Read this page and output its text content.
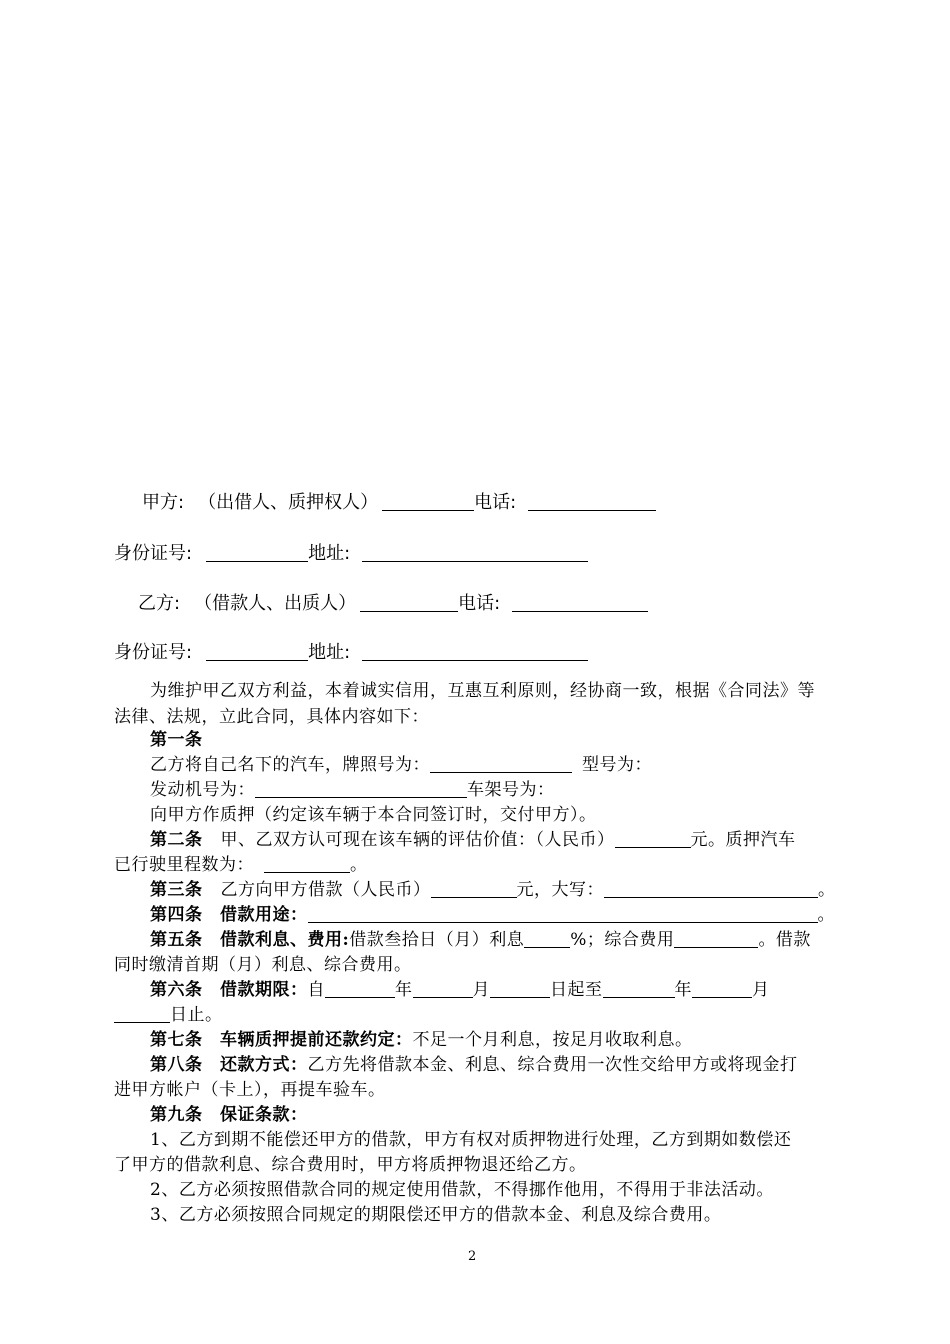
甲方: （出借人、质押权人）	电话:
身份证号:	地址:
乙方: （借款人、出质人）	电话:
身份证号:	地址:
为维护甲乙双方利益，本着诚实信用，互惠互利原则，经协商一致，根据《合同法》等
法律、法规，立此合同，具体内容如下：
第一条
乙方将自己名下的汽车，牌照号为：	型号为：
发动机号为：	车架号为：
向甲方作质押（约定该车辆于本合同签订时，交付甲方）。
第二条 甲、乙双方认可现在该车辆的评估价值：（人民币）	元。质押汽车
已行驶里程数为：	。
第三条 乙方向甲方借款（人民币）	元，大写：	。
第四条　借款用途：	。
第五条　借款利息、费用:借款叁拾日（月）利息	%；综合费用	。借款
同时缴清首期（月）利息、综合费用。
第六条　借款期限：自	年	月	日起至	年	月
日止。
第七条　车辆质押提前还款约定：不足一个月利息，按足月收取利息。
第八条　还款方式：乙方先将借款本金、利息、综合费用一次性交给甲方或将现金打
进甲方帐户（卡上），再提车验车。
第九条　保证条款：
1、乙方到期不能偿还甲方的借款，甲方有权对质押物进行处理，乙方到期如数偿还
了甲方的借款利息、综合费用时，甲方将质押物退还给乙方。
2、乙方必须按照借款合同的规定使用借款，不得挪作他用，不得用于非法活动。
3、乙方必须按照合同规定的期限偿还甲方的借款本金、利息及综合费用。
2
